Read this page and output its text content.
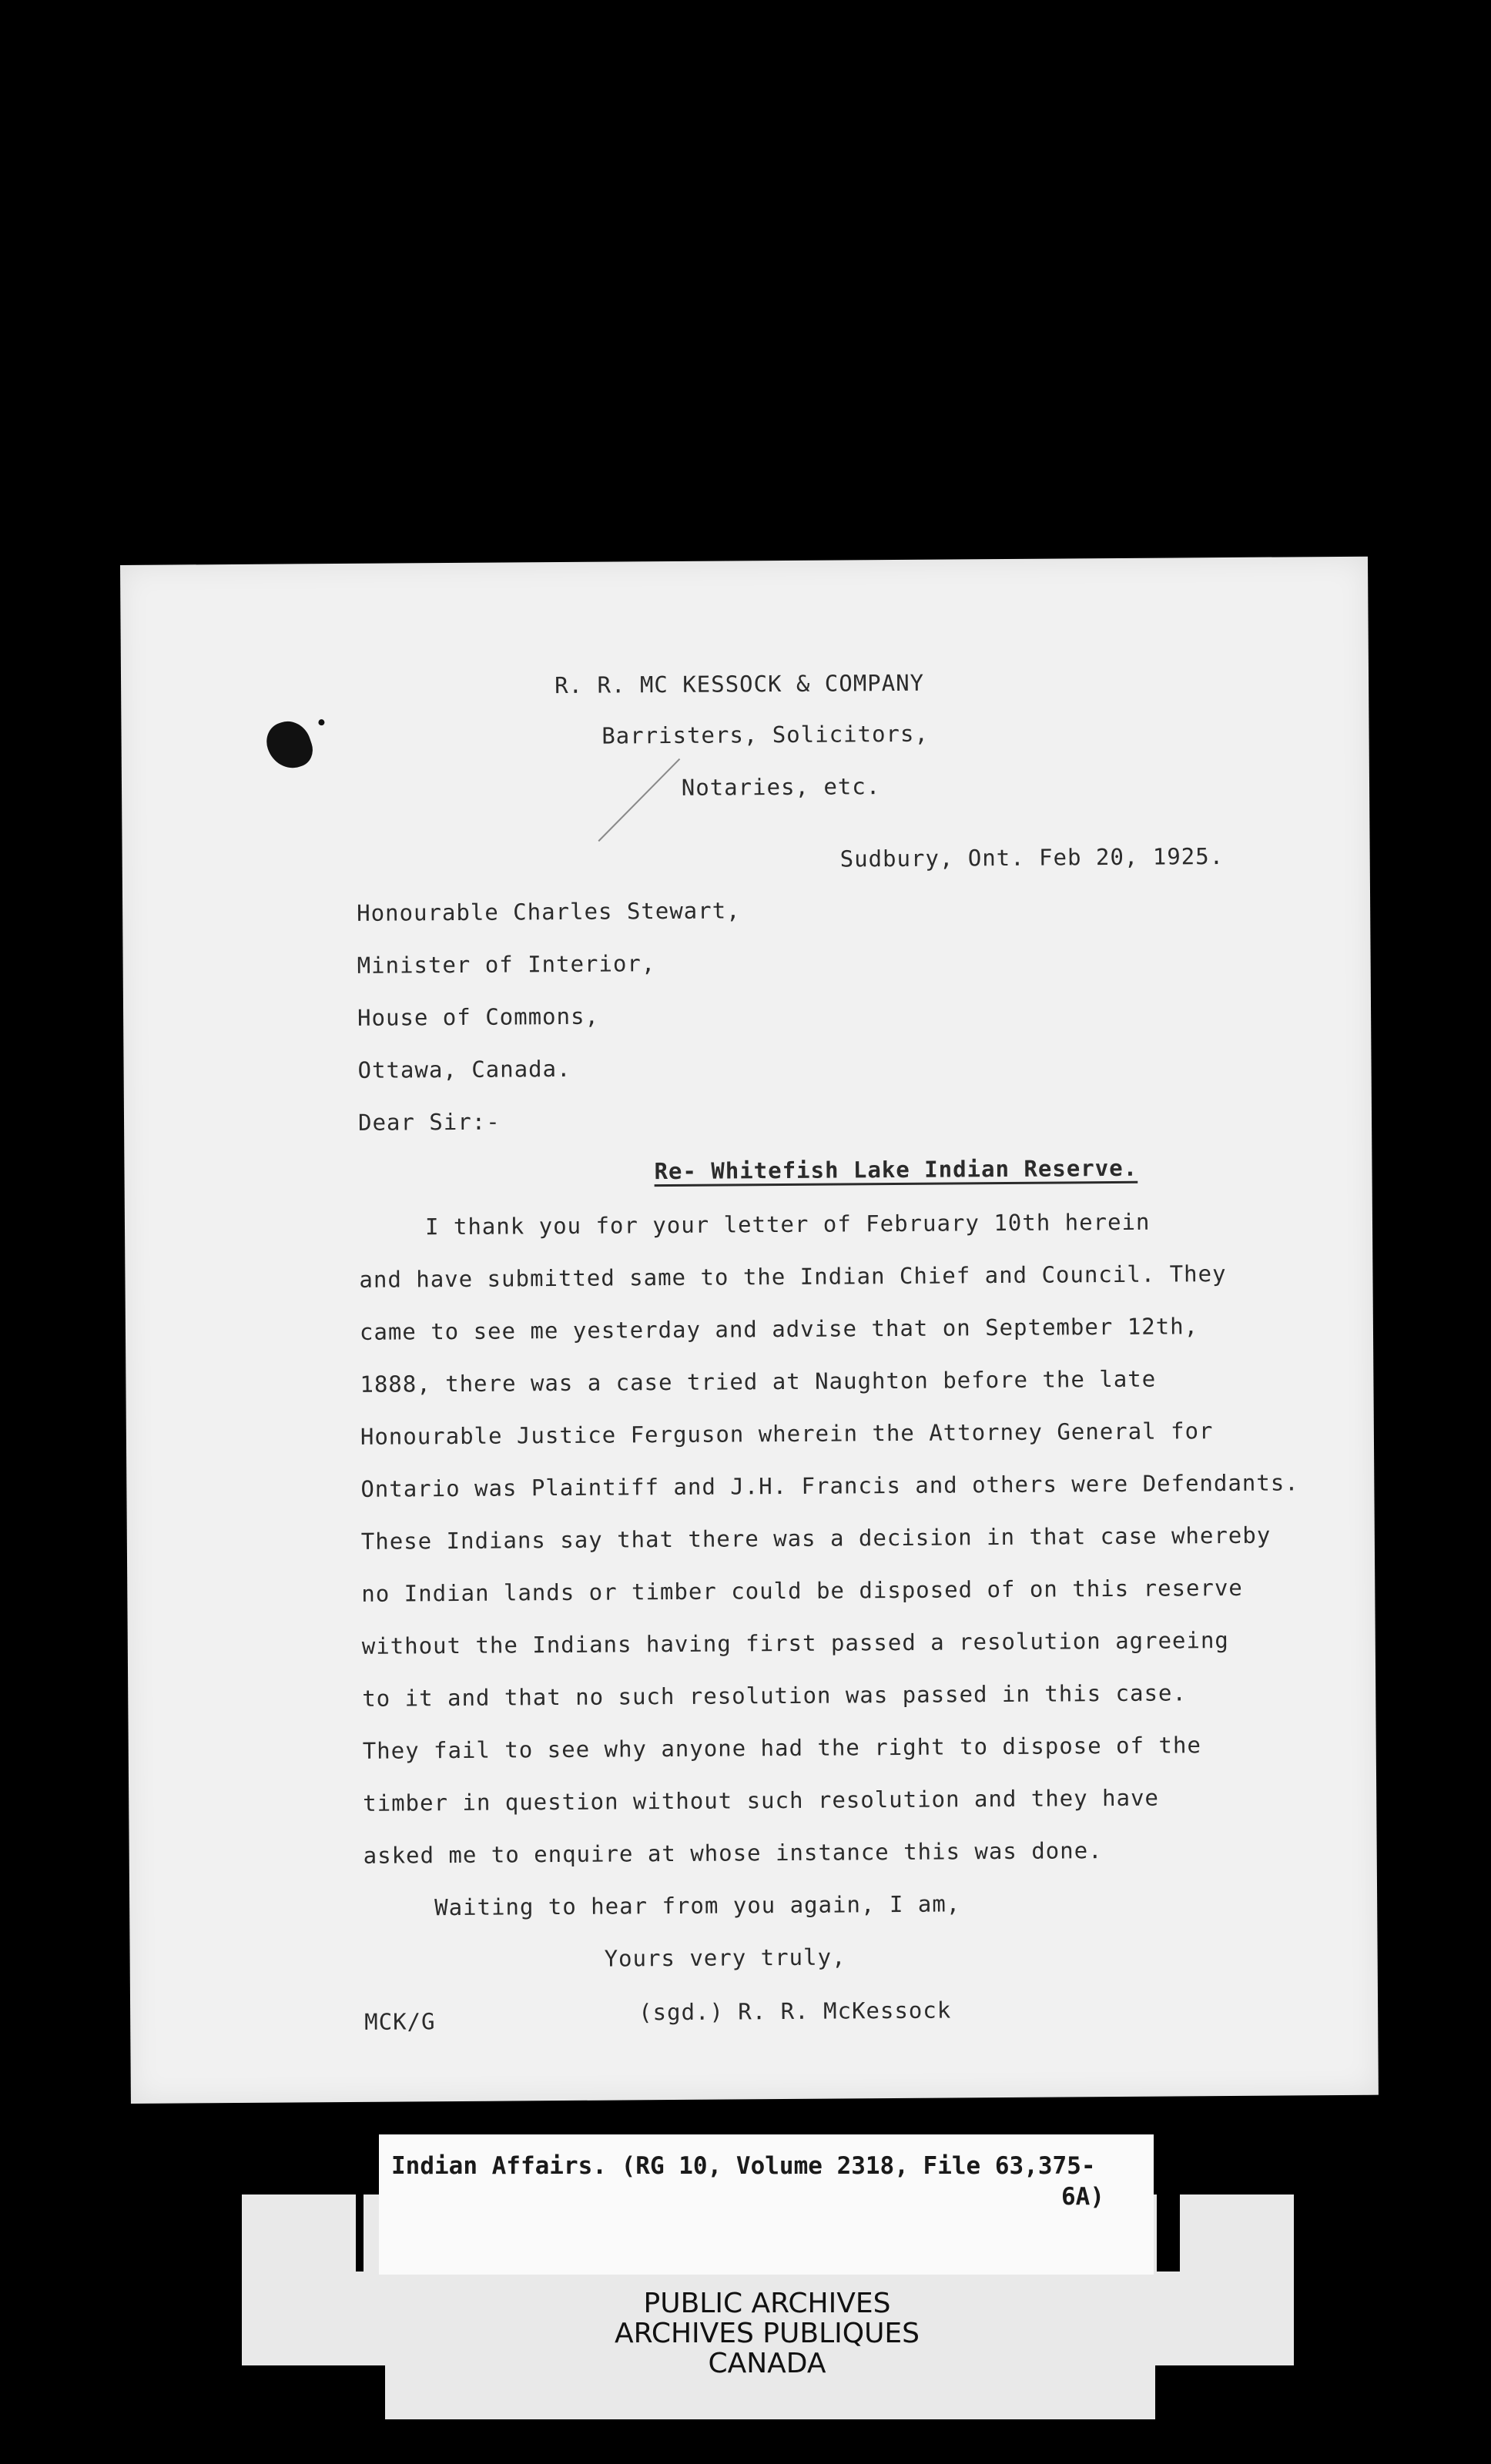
R. R. MC KESSOCK & COMPANY
Barristers, Solicitors,
Notaries, etc.
Sudbury, Ont. Feb 20, 1925.
Honourable Charles Stewart,
Minister of Interior,
House of Commons,
Ottawa, Canada.
Dear Sir:-
Re- Whitefish Lake Indian Reserve.
I thank you for your letter of February 10th herein
and have submitted same to the Indian Chief and Council. They
came to see me yesterday and advise that on September 12th,
1888, there was a case tried at Naughton before the late
Honourable Justice Ferguson wherein the Attorney General for
Ontario was Plaintiff and J.H. Francis and others were Defendants.
These Indians say that there was a decision in that case whereby
no Indian lands or timber could be disposed of on this reserve
without the Indians having first passed a resolution agreeing
to it and that no such resolution was passed in this case.
They fail to see why anyone had the right to dispose of the
timber in question without such resolution and they have
asked me to enquire at whose instance this was done.
Waiting to hear from you again, I am,
Yours very truly,
MCK/G	(sgd.) R. R. McKessock
Indian Affairs. (RG 10, Volume 2318, File 63,375-
6A)
PUBLIC ARCHIVES
ARCHIVES PUBLIQUES
CANADA
